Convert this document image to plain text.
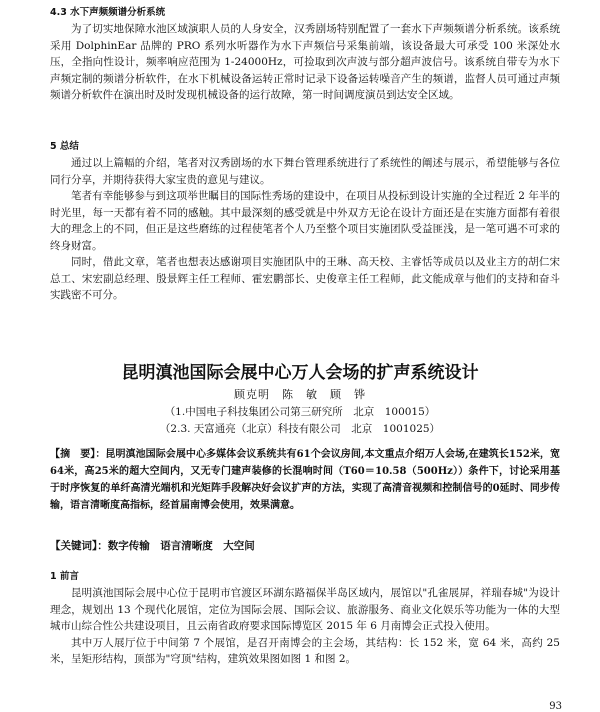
4.3 水下声频频谱分析系统

为了切实地保障水池区域演职人员的人身安全，汉秀剧场特别配置了一套水下声频频谱分析系统。该系统采用 DolphinEar 品牌的 PRO 系列水听器作为水下声频信号采集前端，该设备最大可承受 100 米深处水压，全指向性设计，频率响应范围为 1-24000Hz，可捡取到次声波与部分超声波信号。该系统自带专为水下声频定制的频谱分析软件，在水下机械设备运转正常时记录下设备运转噪音产生的频谱，监督人员可通过声频频谱分析软件在演出时及时发现机械设备的运行故障，第一时间调度演员到达安全区域。

5 总结

通过以上篇幅的介绍，笔者对汉秀剧场的水下舞台管理系统进行了系统性的阐述与展示，希望能够与各位同行分享，并期待获得大家宝贵的意见与建议。

笔者有幸能够参与到这项举世瞩目的国际性秀场的建设中，在项目从投标到设计实施的全过程近 2 年半的时光里，每一天都有着不同的感触。其中最深刻的感受就是中外双方无论在设计方面还是在实施方面都有着很大的理念上的不同，但正是这些磨练的过程使笔者个人乃至整个项目实施团队受益匪浅，是一笔可遇不可求的终身财富。

同时，借此文章，笔者也想表达感谢项目实施团队中的王琳、高天校、主睿恬等成员以及业主方的胡仁宋总工、宋宏副总经理、殷景辉主任工程师、霍宏鹏部长、史俊章主任工程师，此文能成章与他们的支持和奋斗实践密不可分。

昆明滇池国际会展中心万人会场的扩声系统设计
顾克明　陈　敏　顾　铧
（1.中国电子科技集团公司第三研究所　北京　100015）
（2.3. 天富通亮（北京）科技有限公司　北京　1001025）

【摘　要】：昆明滇池国际会展中心多媒体会议系统共有61个会议房间,本文重点介绍万人会场,在建筑长152米，宽64米，高25米的超大空间内，又无专门建声装修的长混响时间（T60＝10.58（500Hz））条件下，讨论采用基于时序恢复的单纤高清光端机和光矩阵手段解决好会议扩声的方法，实现了高清音视频和控制信号的0延时、同步传输，语言清晰度高指标，经首届南博会使用，效果满意。

【关键词】：数字传输　语言清晰度　大空间
1 前言

昆明滇池国际会展中心位于昆明市官渡区环湖东路福保半岛区域内，展馆以"孔雀展屏，祥瑞春城"为设计理念，规划出 13 个现代化展馆，定位为国际会展、国际会议、旅游服务、商业文化娱乐等功能为一体的大型城市山综合性公共建设项目，且云南省政府要求国际博览区 2015 年 6 月南博会正式投入使用。

其中万人展厅位于中间第 7 个展馆，是召开南博会的主会场，其结构：长 152 米，宽 64 米，高约 25 米，呈矩形结构，顶部为"穹顶"结构，建筑效果图如图 1 和图 2。

93
